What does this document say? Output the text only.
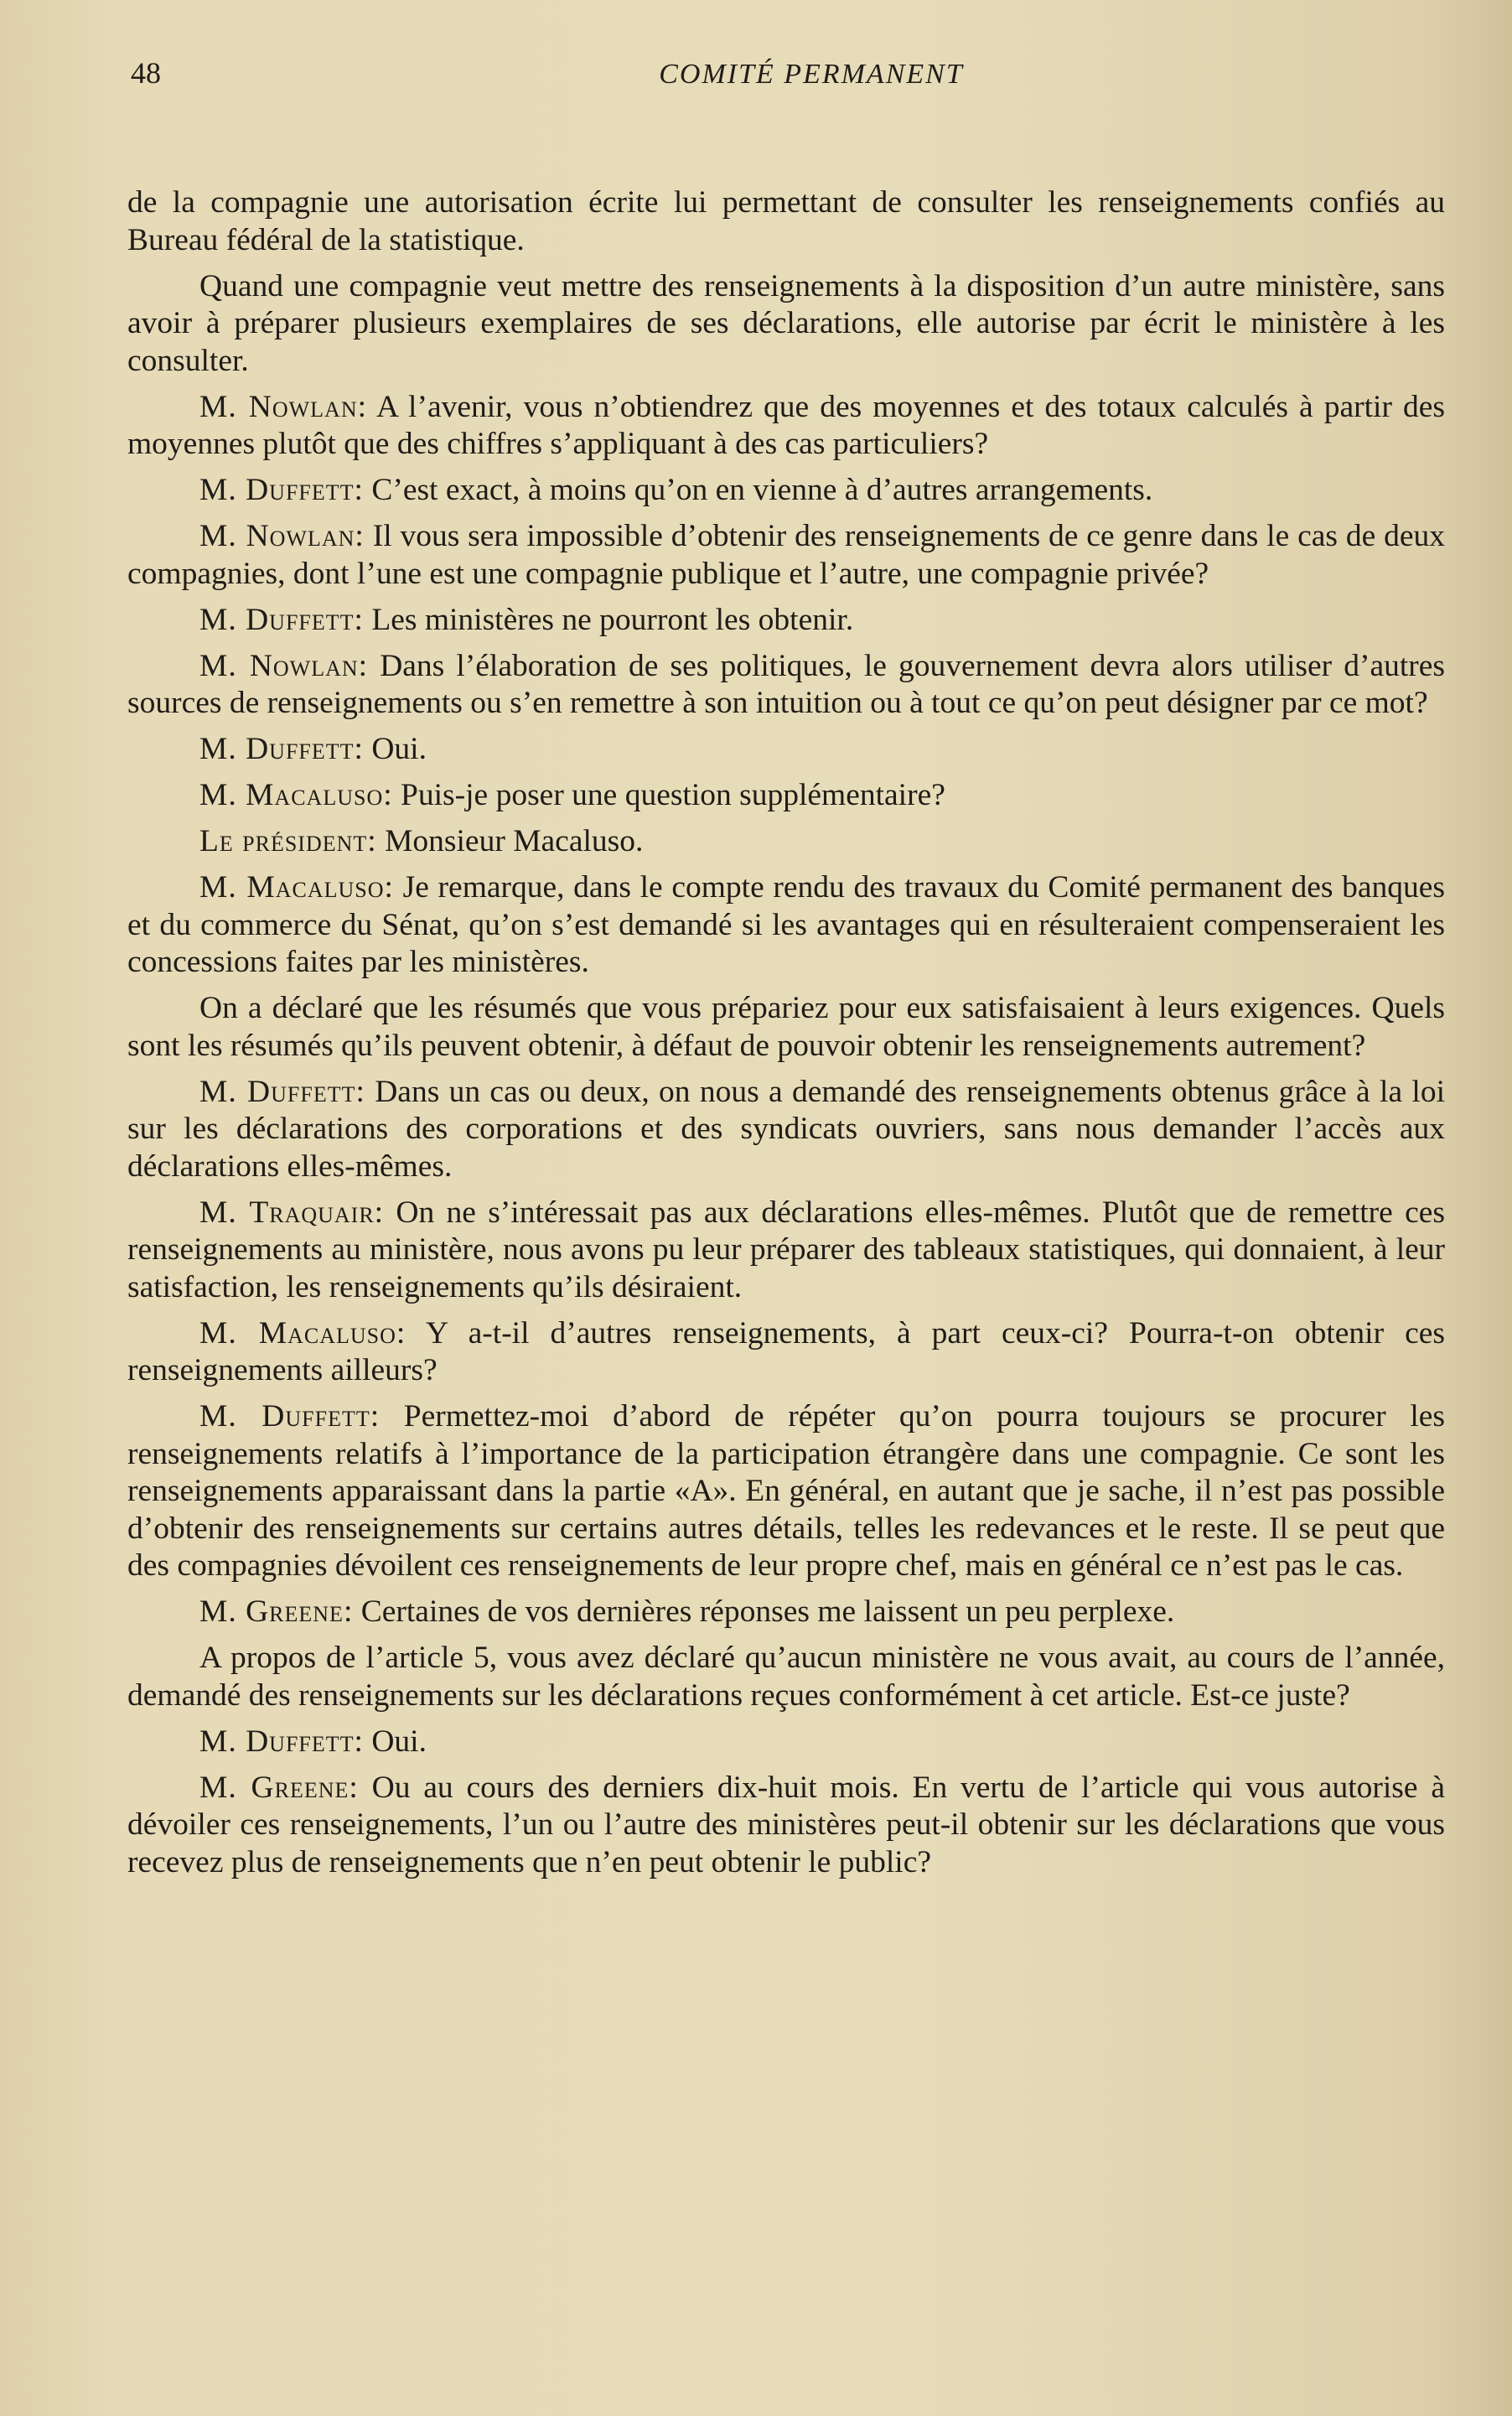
48	COMITÉ PERMANENT

de la compagnie une autorisation écrite lui permettant de consulter les renseignements confiés au Bureau fédéral de la statistique.

Quand une compagnie veut mettre des renseignements à la disposition d’un autre ministère, sans avoir à préparer plusieurs exemplaires de ses déclarations, elle autorise par écrit le ministère à les consulter.

M. Nowlan: A l’avenir, vous n’obtiendrez que des moyennes et des totaux calculés à partir des moyennes plutôt que des chiffres s’appliquant à des cas particuliers?

M. Duffett: C’est exact, à moins qu’on en vienne à d’autres arrangements.

M. Nowlan: Il vous sera impossible d’obtenir des renseignements de ce genre dans le cas de deux compagnies, dont l’une est une compagnie publique et l’autre, une compagnie privée?

M. Duffett: Les ministères ne pourront les obtenir.

M. Nowlan: Dans l’élaboration de ses politiques, le gouvernement devra alors utiliser d’autres sources de renseignements ou s’en remettre à son intuition ou à tout ce qu’on peut désigner par ce mot?

M. Duffett: Oui.

M. Macaluso: Puis-je poser une question supplémentaire?

Le président: Monsieur Macaluso.

M. Macaluso: Je remarque, dans le compte rendu des travaux du Comité permanent des banques et du commerce du Sénat, qu’on s’est demandé si les avantages qui en résulteraient compenseraient les concessions faites par les ministères.

On a déclaré que les résumés que vous prépariez pour eux satisfaisaient à leurs exigences. Quels sont les résumés qu’ils peuvent obtenir, à défaut de pouvoir obtenir les renseignements autrement?

M. Duffett: Dans un cas ou deux, on nous a demandé des renseignements obtenus grâce à la loi sur les déclarations des corporations et des syndicats ouvriers, sans nous demander l’accès aux déclarations elles-mêmes.

M. Traquair: On ne s’intéressait pas aux déclarations elles-mêmes. Plutôt que de remettre ces renseignements au ministère, nous avons pu leur préparer des tableaux statistiques, qui donnaient, à leur satisfaction, les renseignements qu’ils désiraient.

M. Macaluso: Y a-t-il d’autres renseignements, à part ceux-ci? Pourra-t-on obtenir ces renseignements ailleurs?

M. Duffett: Permettez-moi d’abord de répéter qu’on pourra toujours se procurer les renseignements relatifs à l’importance de la participation étrangère dans une compagnie. Ce sont les renseignements apparaissant dans la partie «A». En général, en autant que je sache, il n’est pas possible d’obtenir des renseignements sur certains autres détails, telles les redevances et le reste. Il se peut que des compagnies dévoilent ces renseignements de leur propre chef, mais en général ce n’est pas le cas.

M. Greene: Certaines de vos dernières réponses me laissent un peu perplexe.

A propos de l’article 5, vous avez déclaré qu’aucun ministère ne vous avait, au cours de l’année, demandé des renseignements sur les déclarations reçues conformément à cet article. Est-ce juste?

M. Duffett: Oui.

M. Greene: Ou au cours des derniers dix-huit mois. En vertu de l’article qui vous autorise à dévoiler ces renseignements, l’un ou l’autre des ministères peut-il obtenir sur les déclarations que vous recevez plus de renseignements que n’en peut obtenir le public?
